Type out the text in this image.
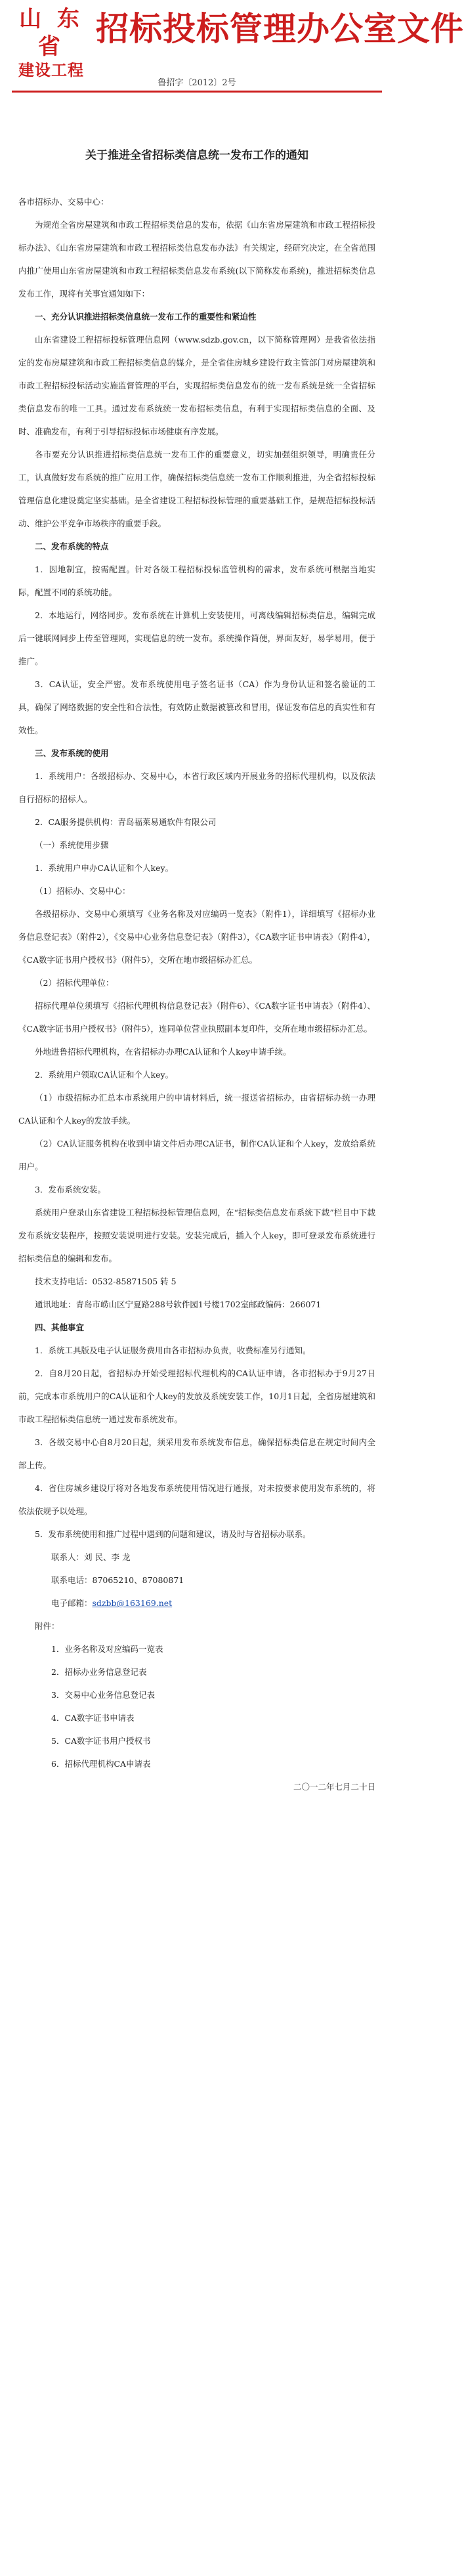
山 东 省
建设工程
招标投标管理办公室文件
鲁招字〔2012〕2号
关于推进全省招标类信息统一发布工作的通知

各市招标办、交易中心：

为规范全省房屋建筑和市政工程招标类信息的发布，依据《山东省房屋建筑和市政工程招标投标办法》、《山东省房屋建筑和市政工程招标类信息发布办法》有关规定，经研究决定，在全省范围内推广使用山东省房屋建筑和市政工程招标类信息发布系统(以下简称发布系统)，推进招标类信息发布工作，现将有关事宜通知如下：

一、充分认识推进招标类信息统一发布工作的重要性和紧迫性

山东省建设工程招标投标管理信息网（www.sdzb.gov.cn，以下简称管理网）是我省依法指定的发布房屋建筑和市政工程招标类信息的媒介，是全省住房城乡建设行政主管部门对房屋建筑和市政工程招标投标活动实施监督管理的平台，实现招标类信息发布的统一发布系统是统一全省招标类信息发布的唯一工具。通过发布系统统一发布招标类信息，有利于实现招标类信息的全面、及时、准确发布，有利于引导招标投标市场健康有序发展。

各市要充分认识推进招标类信息统一发布工作的重要意义，切实加强组织领导，明确责任分工，认真做好发布系统的推广应用工作，确保招标类信息统一发布工作顺利推进，为全省招标投标管理信息化建设奠定坚实基础。是全省建设工程招标投标管理的重要基础工作，是规范招标投标活动、维护公平竞争市场秩序的重要手段。

二、发布系统的特点

1．因地制宜，按需配置。针对各级工程招标投标监管机构的需求，发布系统可根据当地实际，配置不同的系统功能。

2．本地运行，网络同步。发布系统在计算机上安装使用，可离线编辑招标类信息，编辑完成后一键联网同步上传至管理网，实现信息的统一发布。系统操作简便，界面友好，易学易用，便于推广。

3．CA认证，安全严密。发布系统使用电子签名证书（CA）作为身份认证和签名验证的工具，确保了网络数据的安全性和合法性，有效防止数据被篡改和冒用，保证发布信息的真实性和有效性。

三、发布系统的使用

1．系统用户：各级招标办、交易中心，本省行政区域内开展业务的招标代理机构，以及依法自行招标的招标人。

2．CA服务提供机构：青岛福莱易通软件有限公司

（一）系统使用步骤

1．系统用户申办CA认证和个人key。

（1）招标办、交易中心：

各级招标办、交易中心须填写《业务名称及对应编码一览表》（附件1），详细填写《招标办业务信息登记表》（附件2），《交易中心业务信息登记表》（附件3），《CA数字证书申请表》（附件4），《CA数字证书用户授权书》（附件5），交所在地市级招标办汇总。

（2）招标代理单位：

招标代理单位须填写《招标代理机构信息登记表》（附件6）、《CA数字证书申请表》（附件4）、《CA数字证书用户授权书》（附件5），连同单位营业执照副本复印件，交所在地市级招标办汇总。

外地进鲁招标代理机构，在省招标办办理CA认证和个人key申请手续。

2．系统用户领取CA认证和个人key。

（1）市级招标办汇总本市系统用户的申请材料后，统一报送省招标办，由省招标办统一办理CA认证和个人key的发放手续。

（2）CA认证服务机构在收到申请文件后办理CA证书，制作CA认证和个人key，发放给系统用户。

3．发布系统安装。

系统用户登录山东省建设工程招标投标管理信息网，在“招标类信息发布系统下载”栏目中下载发布系统安装程序，按照安装说明进行安装。安装完成后，插入个人key，即可登录发布系统进行招标类信息的编辑和发布。

技术支持电话：0532-85871505 转 5

通讯地址：青岛市崂山区宁夏路288号软件园1号楼1702室邮政编码：266071

四、其他事宜

1．系统工具版及电子认证服务费用由各市招标办负责，收费标准另行通知。

2．自8月20日起，省招标办开始受理招标代理机构的CA认证申请，各市招标办于9月27日前，完成本市系统用户的CA认证和个人key的发放及系统安装工作，10月1日起，全省房屋建筑和市政工程招标类信息统一通过发布系统发布。

3．各级交易中心自8月20日起，须采用发布系统发布信息，确保招标类信息在规定时间内全部上传。

4．省住房城乡建设厅将对各地发布系统使用情况进行通报，对未按要求使用发布系统的，将依法依规予以处理。

5．发布系统使用和推广过程中遇到的问题和建议，请及时与省招标办联系。

联系人：刘 民、李 龙

联系电话：87065210、87080871

电子邮箱：sdzbb@163169.net

附件：

1．业务名称及对应编码一览表

2．招标办业务信息登记表

3．交易中心业务信息登记表

4．CA数字证书申请表

5．CA数字证书用户授权书

6．招标代理机构CA申请表

二〇一二年七月二十日
